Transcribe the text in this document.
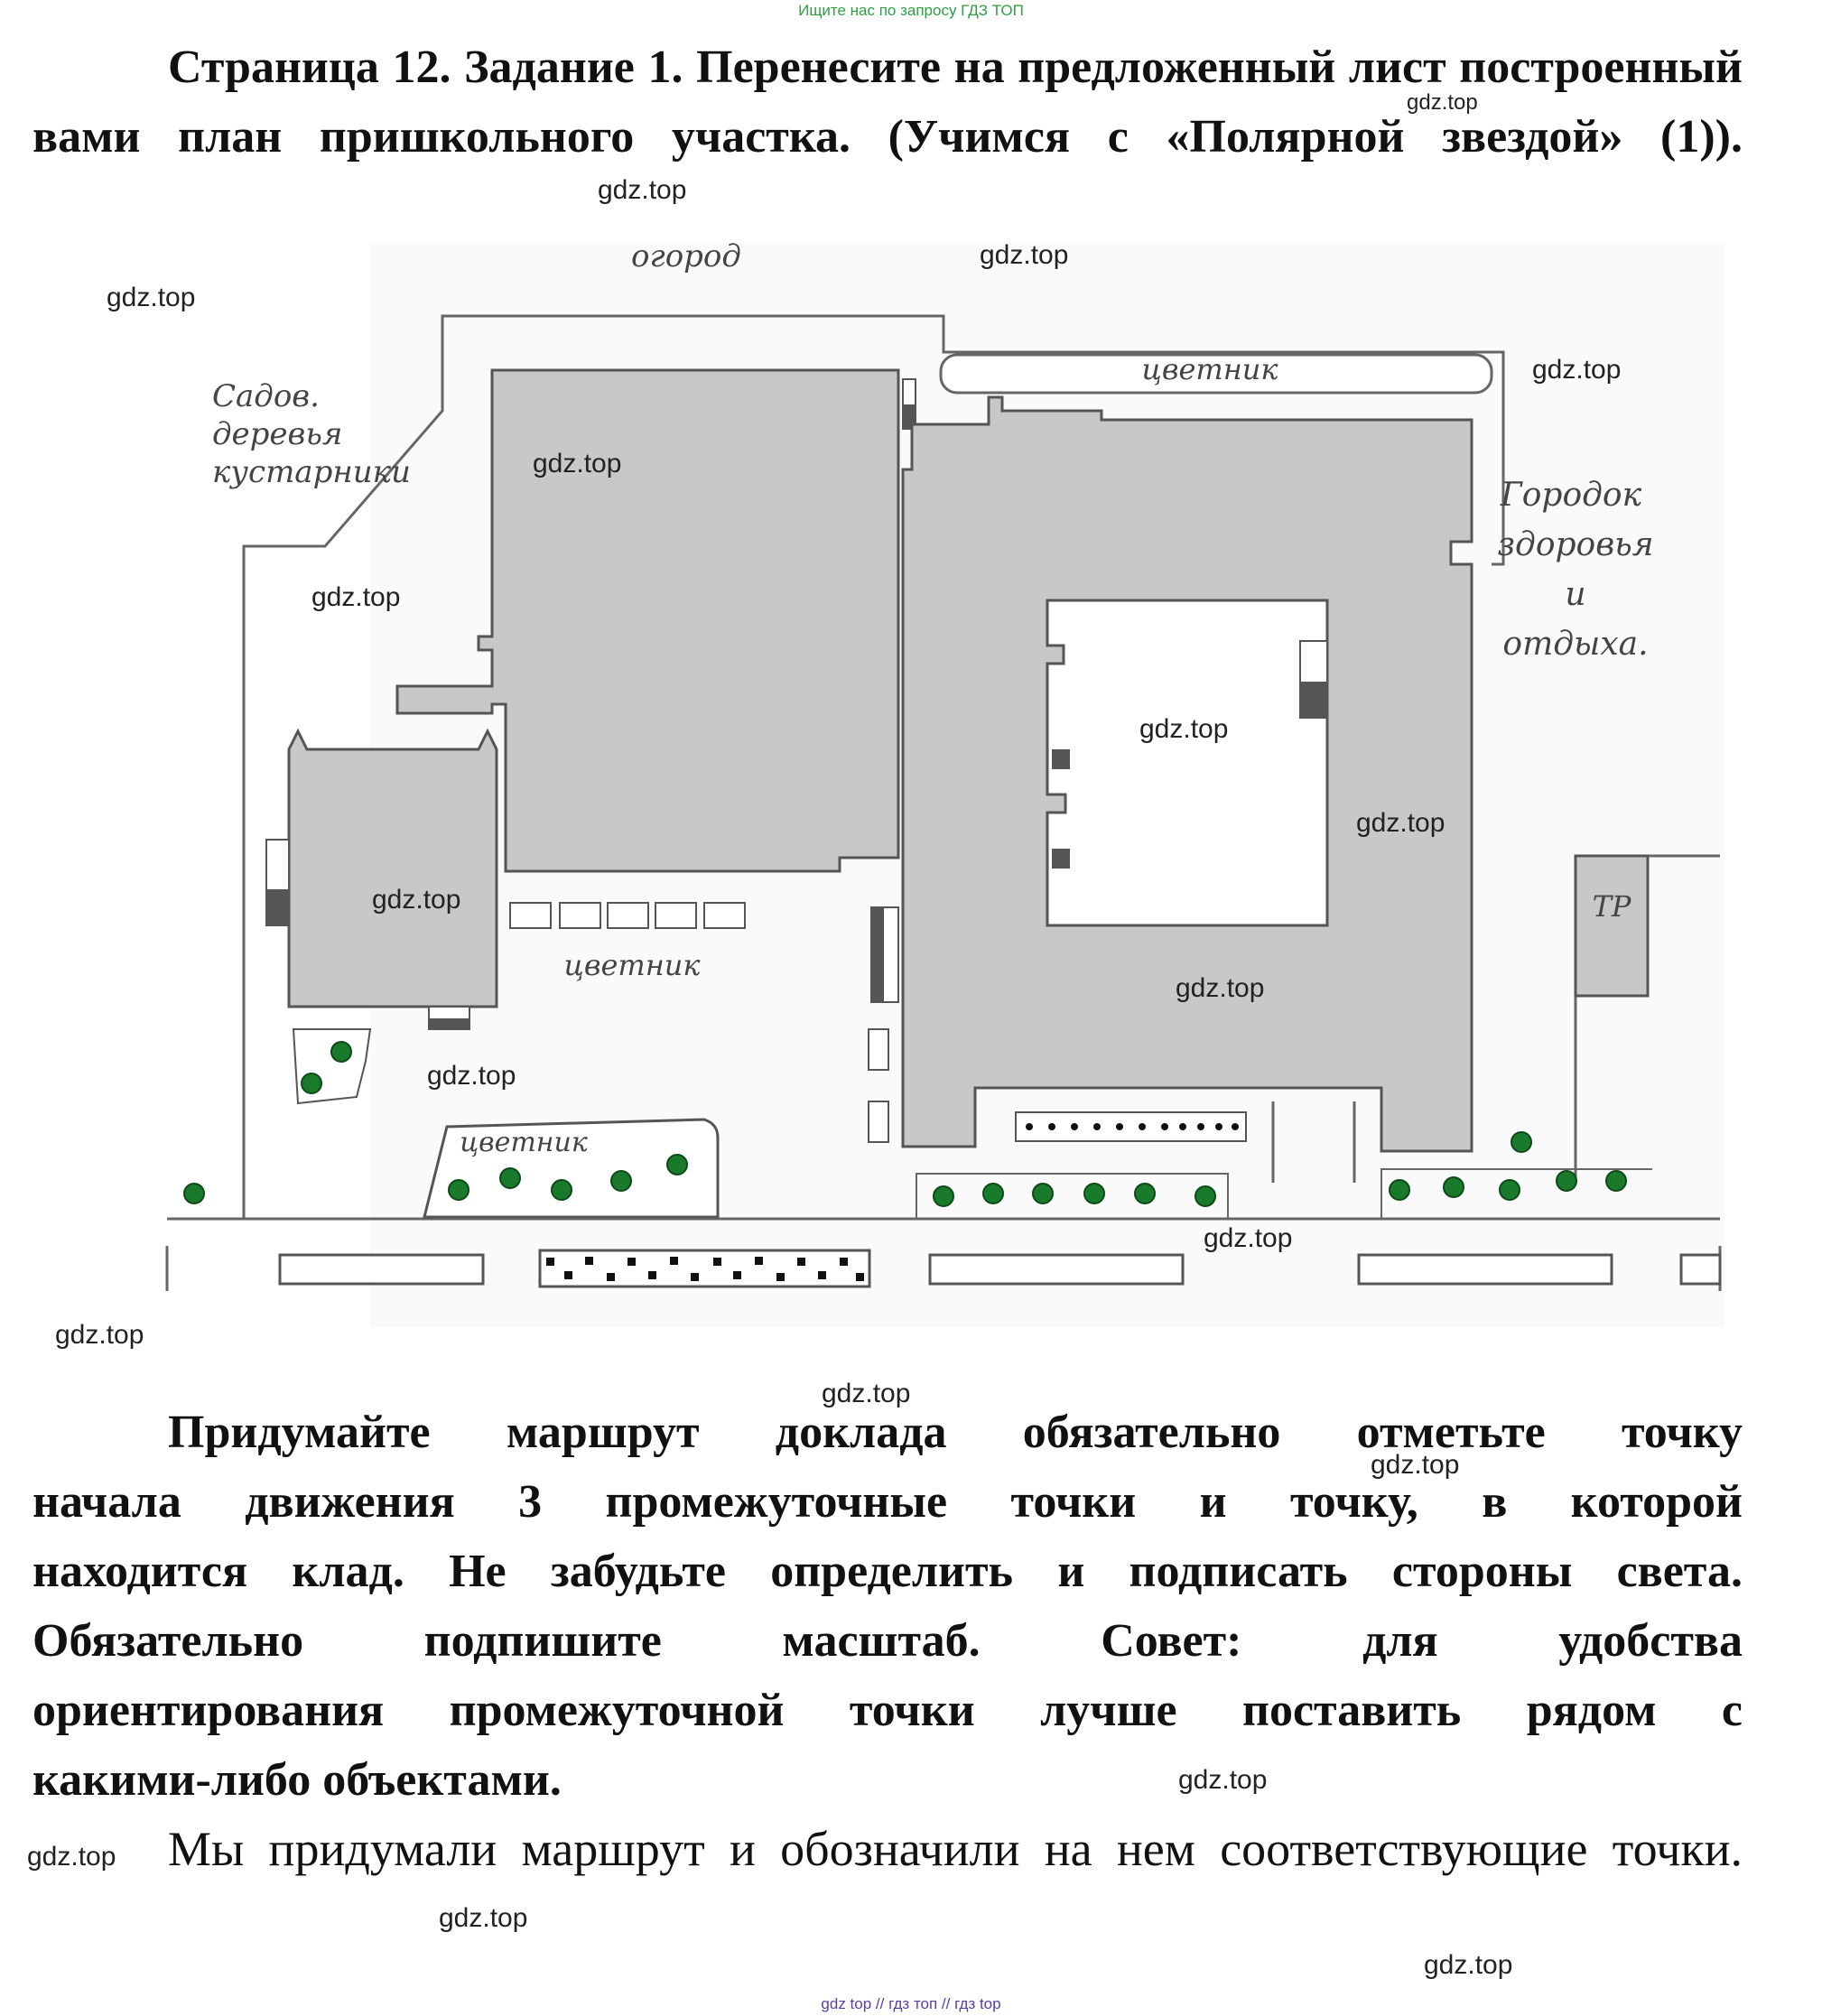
Ищите нас по запросу ГДЗ ТОП

Страница 12. Задание 1. Перенесите на предложенный лист построенный вами план пришкольного участка. (Учимся с «Полярной звездой» (1)).

цветник
огород
Садов.
деревья
кустарники
цветник
цветник
ТР
Городок
здоровья
и
отдыха.

Придумайте маршрут доклада обязательно отметьте точку
начала движения 3 промежуточные точки и точку, в которой
находится клад. Не забудьте определить и подписать стороны света.
Обязательно подпишите масштаб. Совет: для удобства
ориентирования промежуточной точки лучше поставить рядом с

какими-либо объектами.

Мы придумали маршрут и обозначили на нем соответствующие точки.

gdz.top
gdz.top
gdz.top
gdz.top
gdz.top
gdz.top
gdz.top
gdz.top
gdz.top
gdz.top
gdz.top
gdz.top
gdz.top
gdz.top
gdz.top
gdz.top
gdz.top
gdz.top
gdz.top
gdz.top
gdz top // гдз топ // гдз top
